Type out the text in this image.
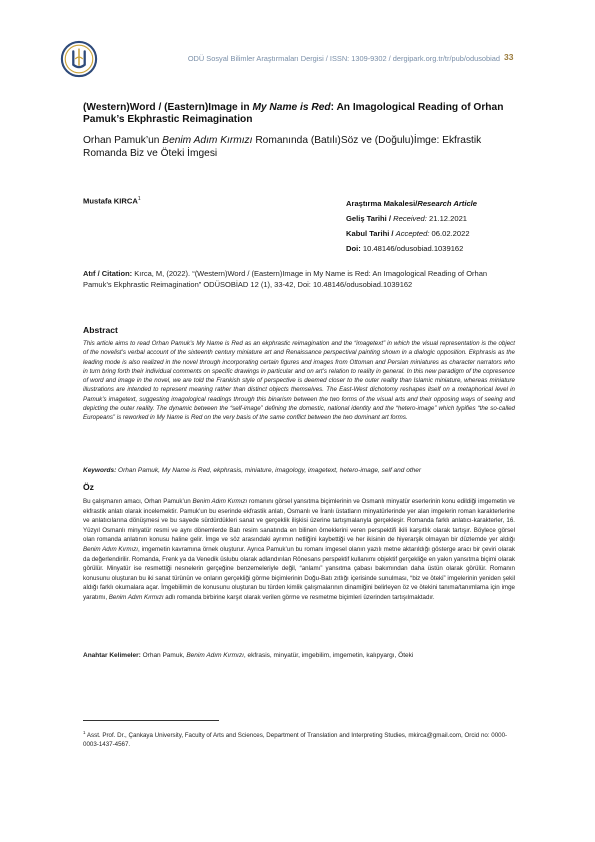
ODÜ Sosyal Bilimler Araştırmaları Dergisi / ISSN: 1309-9302 / dergipark.org.tr/tr/pub/odusobiad 33
(Western)Word / (Eastern)Image in My Name is Red: An Imagological Reading of Orhan Pamuk’s Ekphrastic Reimagination
Orhan Pamuk’un Benim Adım Kırmızı Romanında (Batılı)Söz ve (Doğulu)İmge: Ekfrastik Romanda Biz ve Öteki İmgesi
Mustafa KIRCA$^1$	Araştırma Makalesi/Research Article
Geliş Tarihi / Received: 21.12.2021
Kabul Tarihi / Accepted: 06.02.2022
Doi: 10.48146/odusobiad.1039162
Atıf / Citation: Kırca, M, (2022). “(Western)Word / (Eastern)Image in My Name is Red: An Imagological Reading of Orhan Pamuk’s Ekphrastic Reimagination” ODÜSOBİAD 12 (1), 33-42, Doi: 10.48146/odusobiad.1039162
Abstract
This article aims to read Orhan Pamuk’s My Name is Red as an ekphrastic reimagination and the “imagetext” in which the visual representation is the object of the novelist’s verbal account of the sixteenth century miniature art and Renaissance perspectival painting shown in a dialogic opposition. Ekphrasis as the leading mode is also realized in the novel through incorporating certain figures and images from Ottoman and Persian miniatures as character narrators who in turn bring forth their individual comments on specific drawings in particular and on art’s relation to reality in general. In this new paradigm of the copresence of word and image in the novel, we are told the Frankish style of perspective is deemed closer to the outer reality than Islamic miniature, whereas miniature illustrations are intended to represent meaning rather than distinct objects themselves. The East-West dichotomy reshapes itself on a metaphorical level in Pamuk’s imagetext, suggesting imagological readings through this binarism between the two forms of the visual arts and their opposing ways of seeing and depicting the outer reality. The dynamic between the “self-image” defining the domestic, national identity and the “hetero-image” which typifies “the so-called Europeans” is reworked in My Name is Red on the very basis of the same conflict between the two dominant art forms.
Keywords: Orhan Pamuk, My Name is Red, ekphrasis, miniature, imagology, imagetext, hetero-image, self and other
Öz
Bu çalışmanın amacı, Orhan Pamuk’un Benim Adım Kırmızı romanını görsel yansıtma biçimlerinin ve Osmanlı minyatür eserlerinin konu edildiği imgemetin ve ekfrastik anlatı olarak incelemektir. Pamuk’un bu eserinde ekfrastik anlatı, Osmanlı ve İranlı üstatların minyatürlerinde yer alan imgelerin roman karakterlerine ve anlatıcılarına dönüşmesi ve bu sayede sürdürdükleri sanat ve gerçeklik ilişkisi üzerine tartışmalarıyla gerçekleşir. Romanda farklı anlatıcı-karakterler, 16. Yüzyıl Osmanlı minyatür resmi ve aynı dönemlerde Batı resim sanatında en bilinen örneklerini veren perspektifi ikili karşıtlık olarak tartışır. Böylece görsel olan romanda anlatının konusu haline gelir. İmge ve söz arasındaki ayrımın netliğini kaybettiği ve her ikisinin de hiyerarşik olmayan bir düzlemde yer aldığı Benim Adım Kırmızı, imgemetin kavramına örnek oluşturur. Ayrıca Pamuk’un bu romanı imgesel olanın yazılı metne aktarıldığı gösterge aracı bir çeviri olarak da değerlendirilir. Romanda, Frenk ya da Venedik üslubu olarak adlandırılan Rönesans perspektif kullanımı objektif gerçekliğe en yakın yansıtma biçimi olarak görülür. Minyatür ise resmettiği nesnelerin gerçeğine benzemeleriyle değil, “anlamı” yansıtma çabası bakımından daha üstün olarak görülür. Romanın konusunu oluşturan bu iki sanat türünün ve onların gerçekliği görme biçimlerinin Doğu-Batı zıtlığı içerisinde sunulması, “biz ve öteki” imgelerinin yeniden şekil aldığı farklı okumalara açar. İmgebilimin de konusunu oluşturan bu türden kimlik çalışmalarının dinamiğini belirleyen öz ve ötekini tanıma/tanımlama için imge yaratımı, Benim Adım Kırmızı adlı romanda birbirine karşıt olarak verilen görme ve resmetme biçimleri üzerinden tartışılmaktadır.
Anahtar Kelimeler: Orhan Pamuk, Benim Adım Kırmızı, ekfrasis, minyatür, imgebilim, imgemetin, kalıpyargı, Öteki
$^1$ Asst. Prof. Dr., Çankaya University, Faculty of Arts and Sciences, Department of Translation and Interpreting Studies, mkirca@gmail.com, Orcid no: 0000-0003-1437-4567.
